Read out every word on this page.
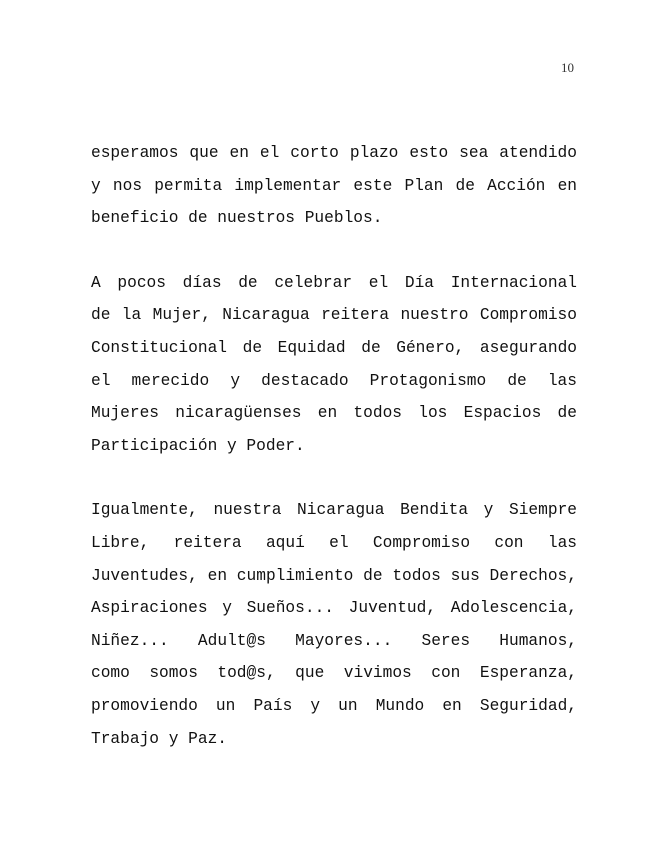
10
esperamos que en el corto plazo esto sea atendido
y nos permita implementar este Plan de Acción en
beneficio de nuestros Pueblos.
A pocos días de celebrar el Día Internacional
de la Mujer, Nicaragua reitera nuestro Compromiso
Constitucional de Equidad de Género, asegurando
el merecido y destacado Protagonismo de las
Mujeres nicaragüenses en todos los Espacios de
Participación y Poder.
Igualmente, nuestra Nicaragua Bendita y Siempre
Libre, reitera aquí el Compromiso con las
Juventudes, en cumplimiento de todos sus Derechos,
Aspiraciones y Sueños... Juventud, Adolescencia,
Niñez... Adult@s Mayores... Seres Humanos,
como somos tod@s, que vivimos con Esperanza,
promoviendo un País y un Mundo en Seguridad,
Trabajo y Paz.
